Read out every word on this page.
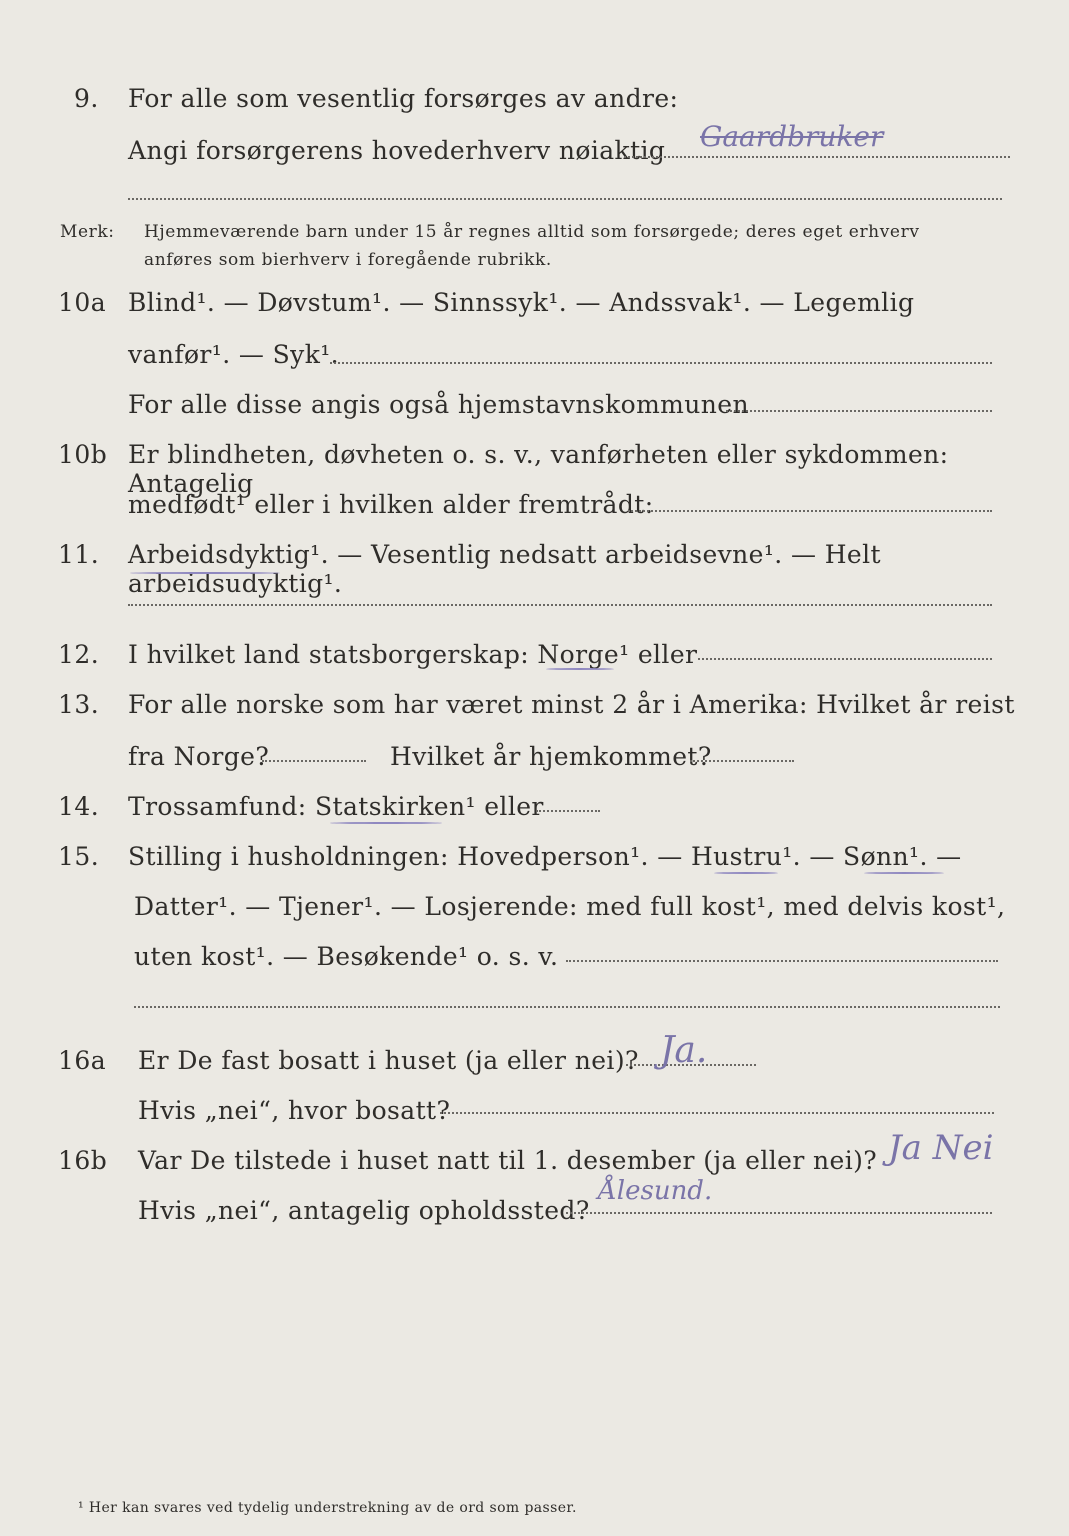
9. For alle som vesentlig forsørges av andre:
Angi forsørgerens hovederhverv nøiaktig Gaardbruker
Merk: Hjemmeværende barn under 15 år regnes alltid som forsørgede; deres eget erhverv
anføres som bierhverv i foregående rubrikk.
10a Blind¹. — Døvstum¹. — Sinnssyk¹. — Andssvak¹. — Legemlig
vanfør¹. — Syk¹.
For alle disse angis også hjemstavnskommunen
10b Er blindheten, døvheten o. s. v., vanførheten eller sykdommen: Antagelig
medfødt¹ eller i hvilken alder fremtrådt:
11. Arbeidsdyktig¹. — Vesentlig nedsatt arbeidsevne¹. — Helt arbeidsudyktig¹.
12. I hvilket land statsborgerskap: Norge¹ eller
13. For alle norske som har været minst 2 år i Amerika: Hvilket år reist
fra Norge?	Hvilket år hjemkommet?
14. Trossamfund: Statskirken¹ eller
15. Stilling i husholdningen: Hovedperson¹. — Hustru¹. — Sønn¹. —
Datter¹. — Tjener¹. — Losjerende: med full kost¹, med delvis kost¹,
uten kost¹. — Besøkende¹ o. s. v.
16a Er De fast bosatt i huset (ja eller nei)? Ja.
Hvis „nei“, hvor bosatt?
16b Var De tilstede i huset natt til 1. desember (ja eller nei)? Ja Nei
Hvis „nei“, antagelig opholdssted?
Ålesund.
¹ Her kan svares ved tydelig understrekning av de ord som passer.
